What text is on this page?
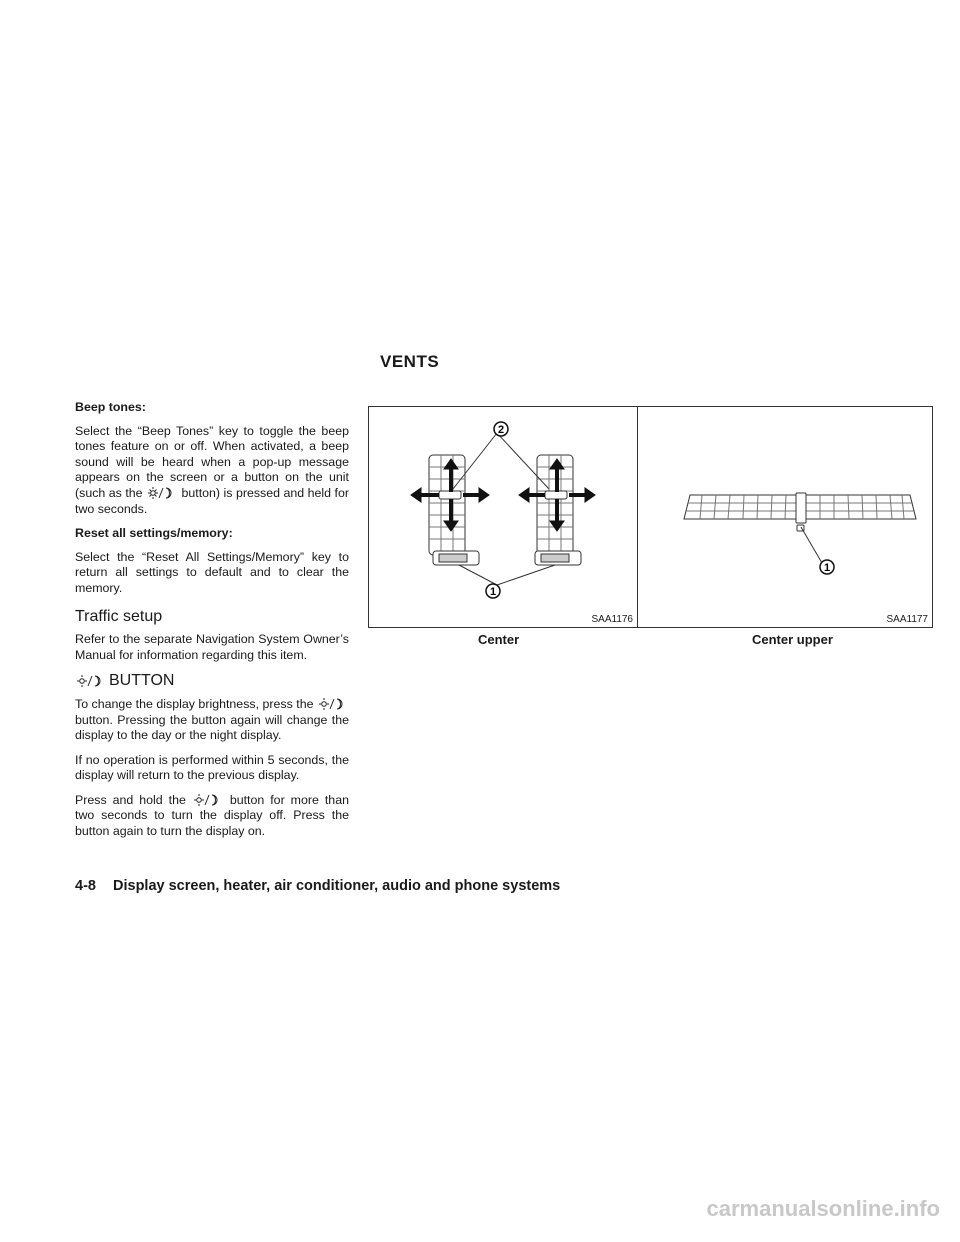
VENTS

Beep tones:

Select the “Beep Tones” key to toggle the beep tones feature on or off. When activated, a beep sound will be heard when a pop-up message appears on the screen or a button on the unit (such as the	button) is pressed and held for two seconds.

Reset all settings/memory:

Select the “Reset All Settings/Memory” key to return all settings to default and to clear the memory.

Traffic setup

Refer to the separate Navigation System Owner’s Manual for information regarding this item.

BUTTON

To change the display brightness, press the  button. Pressing the button again will change the display to the day or the night display.

If no operation is performed within 5 seconds, the display will return to the previous display.

Press and hold the	button for more than two seconds to turn the display off. Press the button again to turn the display on.

2
1
SAA1176
Center
1
SAA1177
Center upper
4-8 Display screen, heater, air conditioner, audio and phone systems
carmanualsonline.info
